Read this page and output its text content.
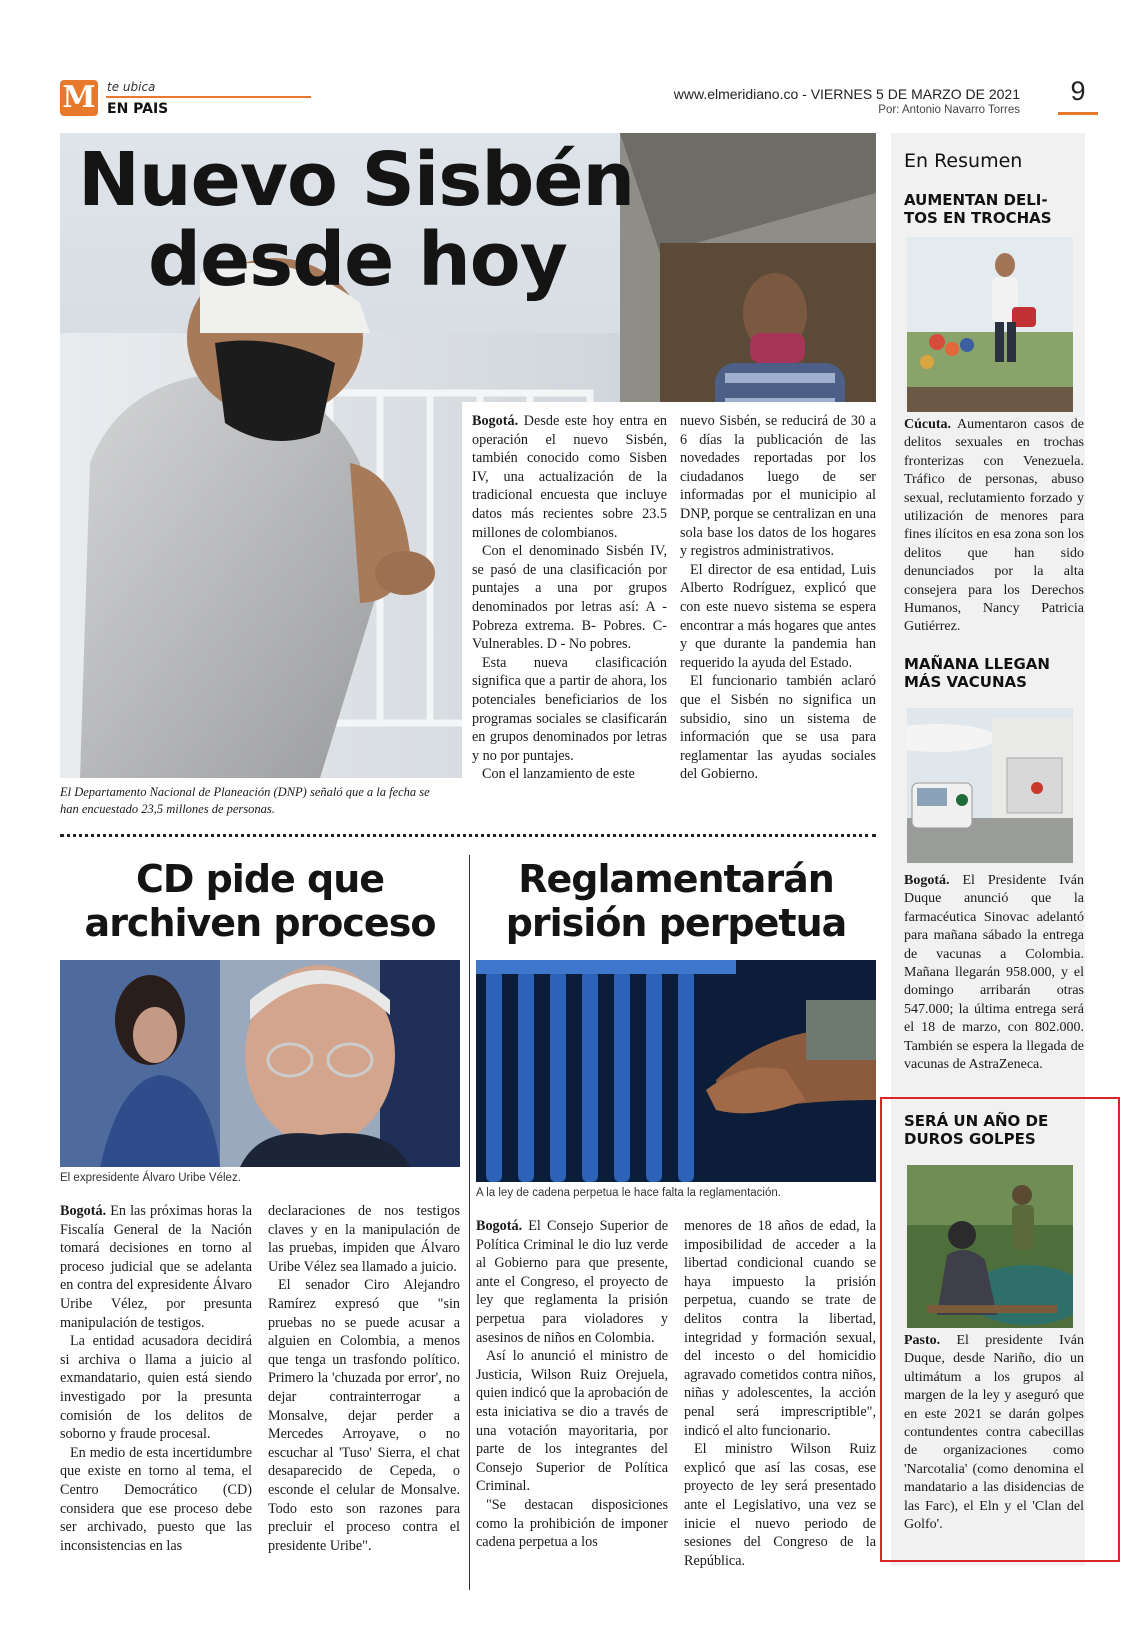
M te ubica
EN PAIS
www.elmeridiano.co - VIERNES 5 DE MARZO DE 2021
Por: Antonio Navarro Torres
9
Nuevo Sisbén
desde hoy
El Departamento Nacional de Planeación (DNP) señaló que a la fecha se han encuestado 23,5 millones de personas.

Bogotá. Desde este hoy entra en operación el nuevo Sisbén, también conocido como Sisben IV, una actualización de la tradicional encuesta que incluye datos más recientes sobre 23.5 millones de colombianos.

Con el denominado Sisbén IV, se pasó de una clasificación por puntajes a una por grupos denominados por letras así: A - Pobreza extrema. B- Pobres. C- Vulnerables. D - No pobres.

Esta nueva clasificación significa que a partir de ahora, los potenciales beneficiarios de los programas sociales se clasificarán en grupos denominados por letras y no por puntajes.

Con el lanzamiento de este

nuevo Sisbén, se reducirá de 30 a 6 días la publicación de las novedades reportadas por los ciudadanos luego de ser informadas por el municipio al DNP, porque se centralizan en una sola base los datos de los hogares y registros administrativos.

El director de esa entidad, Luis Alberto Rodríguez, explicó que con este nuevo sistema se espera encontrar a más hogares que antes y que durante la pandemia han requerido la ayuda del Estado.

El funcionario también aclaró que el Sisbén no significa un subsidio, sino un sistema de información que se usa para reglamentar las ayudas sociales del Gobierno.

CD pide que
archiven proceso
El expresidente Álvaro Uribe Vélez.

Bogotá. En las próximas horas la Fiscalía General de la Nación tomará decisiones en torno al proceso judicial que se adelanta en contra del expresidente Álvaro Uribe Vélez, por presunta manipulación de testigos.

La entidad acusadora decidirá si archiva o llama a juicio al exmandatario, quien está siendo investigado por la presunta comisión de los delitos de soborno y fraude procesal.

En medio de esta incertidumbre que existe en torno al tema, el Centro Democrático (CD) considera que ese proceso debe ser archivado, puesto que las inconsistencias en las

declaraciones de nos testigos claves y en la manipulación de las pruebas, impiden que Álvaro Uribe Vélez sea llamado a juicio.

El senador Ciro Alejandro Ramírez expresó que "sin pruebas no se puede acusar a alguien en Colombia, a menos que tenga un trasfondo político. Primero la 'chuzada por error', no dejar contrainterrogar a Monsalve, dejar perder a Mercedes Arroyave, o no escuchar al 'Tuso' Sierra, el chat desaparecido de Cepeda, o esconde el celular de Monsalve. Todo esto son razones para precluir el proceso contra el presidente Uribe".

Reglamentarán
prisión perpetua
A la ley de cadena perpetua le hace falta la reglamentación.

Bogotá. El Consejo Superior de Política Criminal le dio luz verde al Gobierno para que presente, ante el Congreso, el proyecto de ley que reglamenta la prisión perpetua para violadores y asesinos de niños en Colombia.

Así lo anunció el ministro de Justicia, Wilson Ruiz Orejuela, quien indicó que la aprobación de esta iniciativa se dio a través de una votación mayoritaria, por parte de los integrantes del Consejo Superior de Política Criminal.

"Se destacan disposiciones como la prohibición de imponer cadena perpetua a los

menores de 18 años de edad, la imposibilidad de acceder a la libertad condicional cuando se haya impuesto la prisión perpetua, cuando se trate de delitos contra la libertad, integridad y formación sexual, del incesto o del homicidio agravado cometidos contra niños, niñas y adolescentes, la acción penal será imprescriptible", indicó el alto funcionario.

El ministro Wilson Ruiz explicó que así las cosas, ese proyecto de ley será presentado ante el Legislativo, una vez se inicie el nuevo periodo de sesiones del Congreso de la República.

En Resumen
AUMENTAN DELI-
TOS EN TROCHAS
Cúcuta. Aumentaron casos de delitos sexuales en trochas fronterizas con Venezuela. Tráfico de personas, abuso sexual, reclutamiento forzado y utilización de menores para fines ilícitos en esa zona son los delitos que han sido denunciados por la alta consejera para los Derechos Humanos, Nancy Patricia Gutiérrez.
MAÑANA LLEGAN
MÁS VACUNAS
Bogotá. El Presidente Iván Duque anunció que la farmacéutica Sinovac adelantó para mañana sábado la entrega de vacunas a Colombia. Mañana llegarán 958.000, y el domingo arribarán otras 547.000; la última entrega será el 18 de marzo, con 802.000. También se espera la llegada de vacunas de AstraZeneca.
SERÁ UN AÑO DE
DUROS GOLPES
Pasto. El presidente Iván Duque, desde Nariño, dio un ultimátum a los grupos al margen de la ley y aseguró que en este 2021 se darán golpes contundentes contra cabecillas de organizaciones como 'Narcotalia' (como denomina el mandatario a las disidencias de las Farc), el Eln y el 'Clan del Golfo'.
